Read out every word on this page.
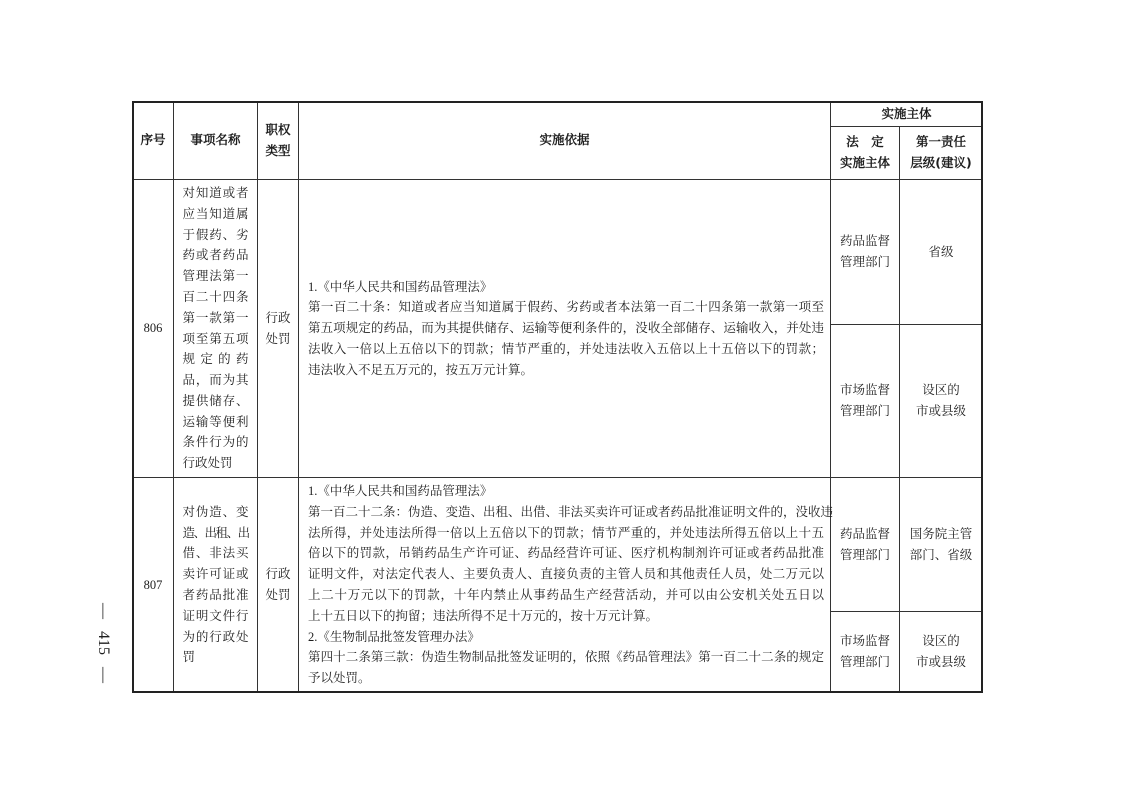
— 415 —
序号 事项名称
职权
类型
实施依据
实施主体
法　定
实施主体
第一责任
层级(建议)
806
对知道或者
应当知道属
于假药、劣
药或者药品
管理法第一
百二十四条
第一款第一
项至第五项
规定的药
品，而为其
提供储存、
运输等便利
条件行为的
行政处罚
行政
处罚
1.《中华人民共和国药品管理法》
第一百二十条：知道或者应当知道属于假药、劣药或者本法第一百二十四条第一款第一项至
第五项规定的药品，而为其提供储存、运输等便利条件的，没收全部储存、运输收入，并处违
法收入一倍以上五倍以下的罚款；情节严重的，并处违法收入五倍以上十五倍以下的罚款；
违法收入不足五万元的，按五万元计算。
药品监督
管理部门
省级
市场监督
管理部门
设区的
市或县级
807
对伪造、变
造、出租、出
借、非法买
卖许可证或
者药品批准
证明文件行
为的行政处
罚
行政
处罚
1.《中华人民共和国药品管理法》
第一百二十二条：伪造、变造、出租、出借、非法买卖许可证或者药品批准证明文件的，没收违
法所得，并处违法所得一倍以上五倍以下的罚款；情节严重的，并处违法所得五倍以上十五
倍以下的罚款，吊销药品生产许可证、药品经营许可证、医疗机构制剂许可证或者药品批准
证明文件，对法定代表人、主要负责人、直接负责的主管人员和其他责任人员，处二万元以
上二十万元以下的罚款，十年内禁止从事药品生产经营活动，并可以由公安机关处五日以
上十五日以下的拘留；违法所得不足十万元的，按十万元计算。
2.《生物制品批签发管理办法》
第四十二条第三款：伪造生物制品批签发证明的，依照《药品管理法》第一百二十二条的规定
予以处罚。
药品监督
管理部门
国务院主管
部门、省级
市场监督
管理部门
设区的
市或县级
